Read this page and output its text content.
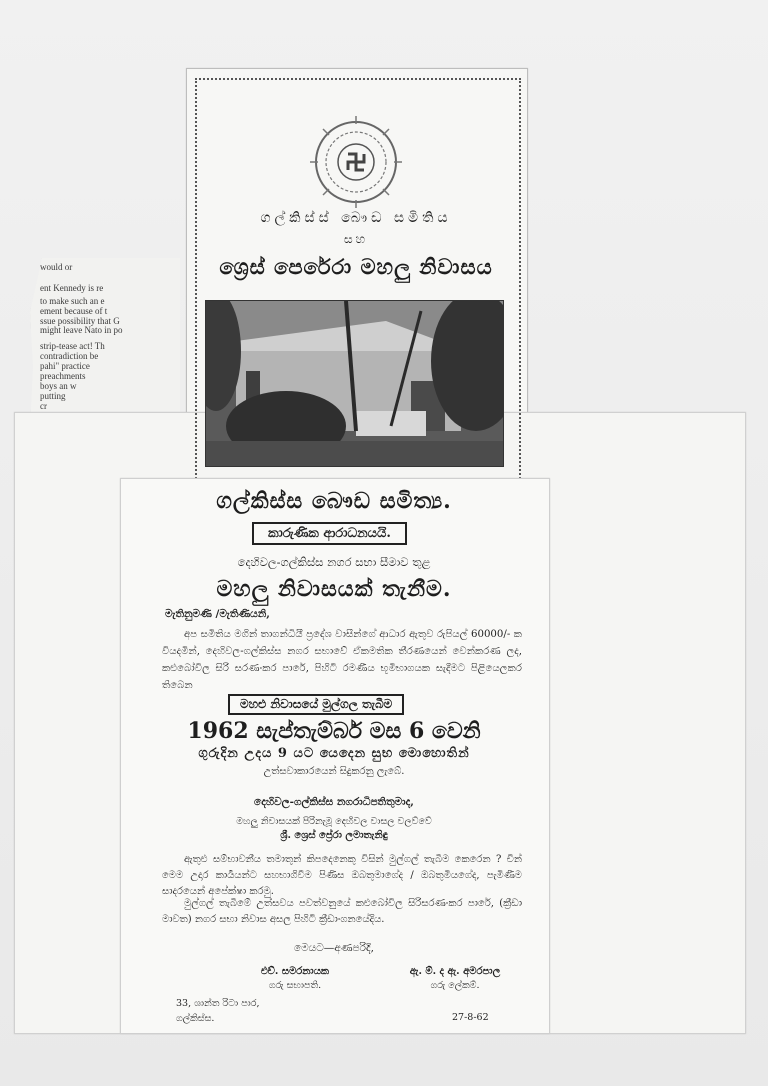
would or
ent Kennedy is re
to make such an e
ement because of t
ssue possibility that G
might leave Nato in po
strip-tease act! Th
contradiction be
pahi" practice
preachments
boys an w
putting
cr
ගල්කිස්ස් බෞඩ සමිතිය
සහ
ශ්‍රෙස් පෙරේරා මහලු නිවාසය
ගල්කිස්ස බෞඩ සමිත්‍ය.
කාරුණික ආරාධනයයි.
දෙහිවල-ගල්කිස්ස නගර සභා සීමාව තුළ
මහලු නිවාසයක් තැනීම.
මැතිනුමණි /මැතිණියනි,
අප සමිතිය මගින් තාගන්ධියී ප්‍රදේශ වාසීන්ගේ ආධාර ඇතුව රුපියල් 60000/- ක වියදමින්, දෙහිවල-ගල්කිස්ස නගර සභාවේ ඒකමතික තීරණයෙන් වෙන්කරණ ලද, කළුබෝවිල සිරි සරණංකර පාරේ, පිහිටි රමණීය භූමිභාගයක සැදීමට පිළියෙලකර තිබෙන
මහළු නිවාසයේ මුල්ගල තැබීම
1962 සැප්තැම්බර් මස 6 වෙනි
ගුරුදින උදය 9 යට යෙදෙන සුභ මොහොතින්
උත්සවාකාරයෙන් සිදුකරනු ලැබේ.
දෙහිවල-ගල්කිස්ස නගරාධිපතිතුමාද,
මහලු නිවාසයක් පිරිනැමූ දෙහිවල වාසල වලව්වේ
ශ්‍රී. ශ්‍රෙස් ප්‍රේරා ලමාතැනිඳු
ඇතුළු සම්භාවනීය තමාතුන් කිපදෙනෙකු විසින් මුල්ගල් තැබීම කෙරෙන ? චීන් මෙම උදාර කාර්‍යයන්ට සහභාගිවීම පිණිස ඔබතුමාගේද / ඔබතුමියගේද, පැමිණීම සාදරයෙන් අපේක්ෂා කරමු.
මුල්ගල් තැබීමේ උත්සවය පවත්වනුයේ කළුබෝවිල සිරිසරණංකර පාරේ, (ක්‍රීඩා මාවත) නගර සභා නිවාස අසල පිහිටි ක්‍රීඩාංගනයේදිය.
මෙයට—අණපරිදි,
එච්. සමරනායක
ගරු සභාපති.
ඇ. ම්. ද ඇ. අමරපාල
ගරු ලේකම්.
33, ශාන්ත රිටා පාර,
ගල්කිස්ස.	27-8-62
